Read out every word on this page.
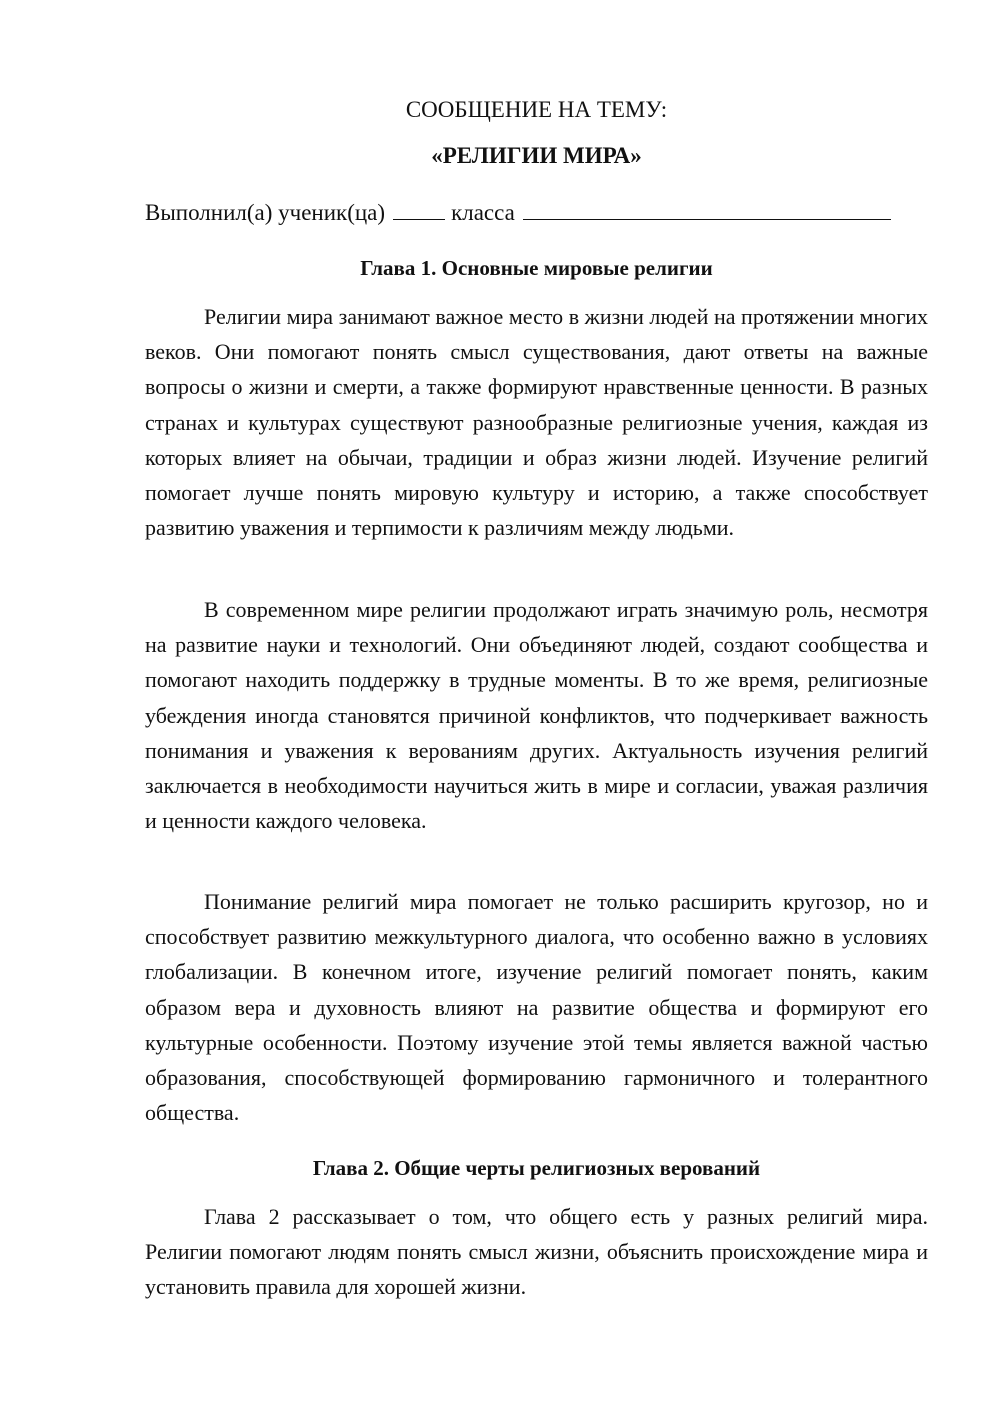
СООБЩЕНИЕ НА ТЕМУ:
«РЕЛИГИИ МИРА»
Выполнил(а) ученик(ца)	класса
Глава 1. Основные мировые религии

Религии мира занимают важное место в жизни людей на протяжении многих веков. Они помогают понять смысл существования, дают ответы на важные вопросы о жизни и смерти, а также формируют нравственные ценности. В разных странах и культурах существуют разнообразные религиозные учения, каждая из которых влияет на обычаи, традиции и образ жизни людей. Изучение религий помогает лучше понять мировую культуру и историю, а также способствует развитию уважения и терпимости к различиям между людьми.

В современном мире религии продолжают играть значимую роль, несмотря на развитие науки и технологий. Они объединяют людей, создают сообщества и помогают находить поддержку в трудные моменты. В то же время, религиозные убеждения иногда становятся причиной конфликтов, что подчеркивает важность понимания и уважения к верованиям других. Актуальность изучения религий заключается в необходимости научиться жить в мире и согласии, уважая различия и ценности каждого человека.

Понимание религий мира помогает не только расширить кругозор, но и способствует развитию межкультурного диалога, что особенно важно в условиях глобализации. В конечном итоге, изучение религий помогает понять, каким образом вера и духовность влияют на развитие общества и формируют его культурные особенности. Поэтому изучение этой темы является важной частью образования, способствующей формированию гармоничного и толерантного общества.

Глава 2. Общие черты религиозных верований

Глава 2 рассказывает о том, что общего есть у разных религий мира. Религии помогают людям понять смысл жизни, объяснить происхождение мира и установить правила для хорошей жизни.
